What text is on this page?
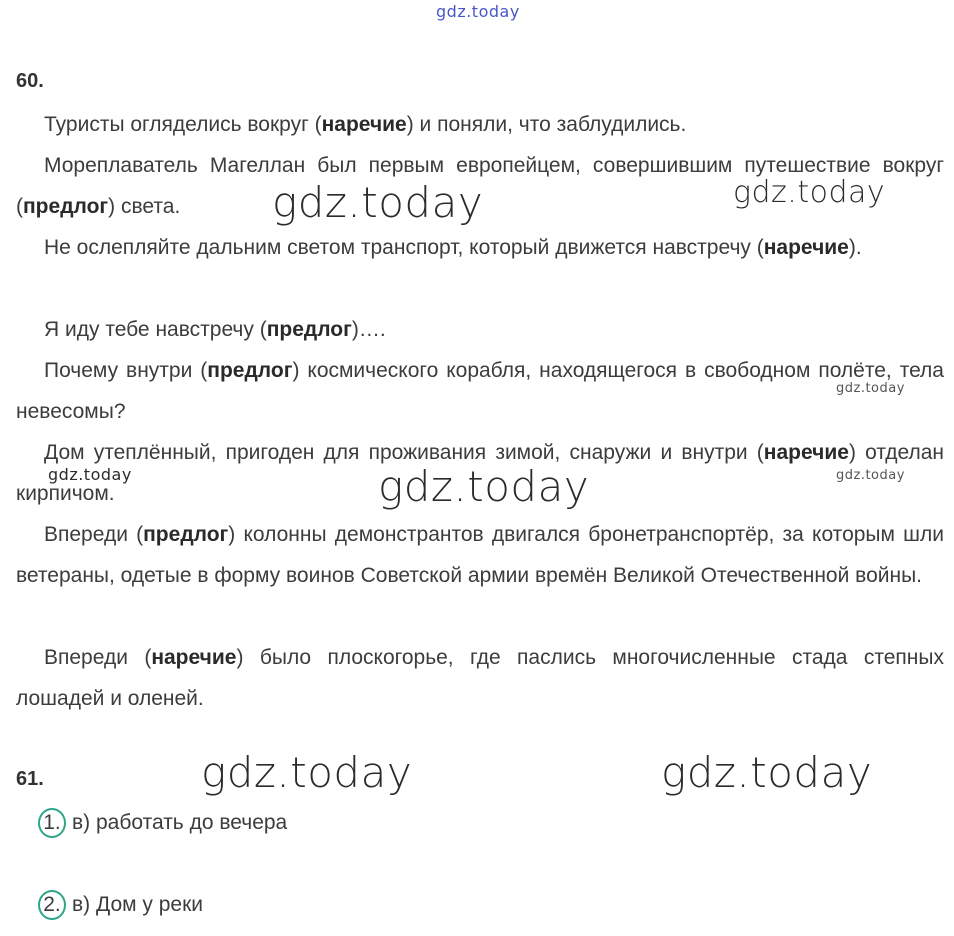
gdz.today
60.
Туристы огляделись вокруг (наречие) и поняли, что заблудились.
Мореплаватель Магеллан был первым европейцем, совершившим путешествие вокруг (предлог) света.
Не ослепляйте дальним светом транспорт, который движется навстречу (наречие).
Я иду тебе навстречу (предлог)….
Почему внутри (предлог) космического корабля, находящегося в свободном полёте, тела невесомы?
Дом утеплённый, пригоден для проживания зимой, снаружи и внутри (наречие) отделан кирпичом.
Впереди (предлог) колонны демонстрантов двигался бронетранспортёр, за которым шли ветераны, одетые в форму воинов Советской армии времён Великой Отечественной войны.
Впереди (наречие) было плоскогорье, где паслись многочисленные стада степных лошадей и оленей.
61.
1. в) работать до вечера
2. в) Дом у реки
gdz.today	gdz.today
gdz.today
gdz.today	gdz.today
gdz.today
gdz.today	gdz.today
